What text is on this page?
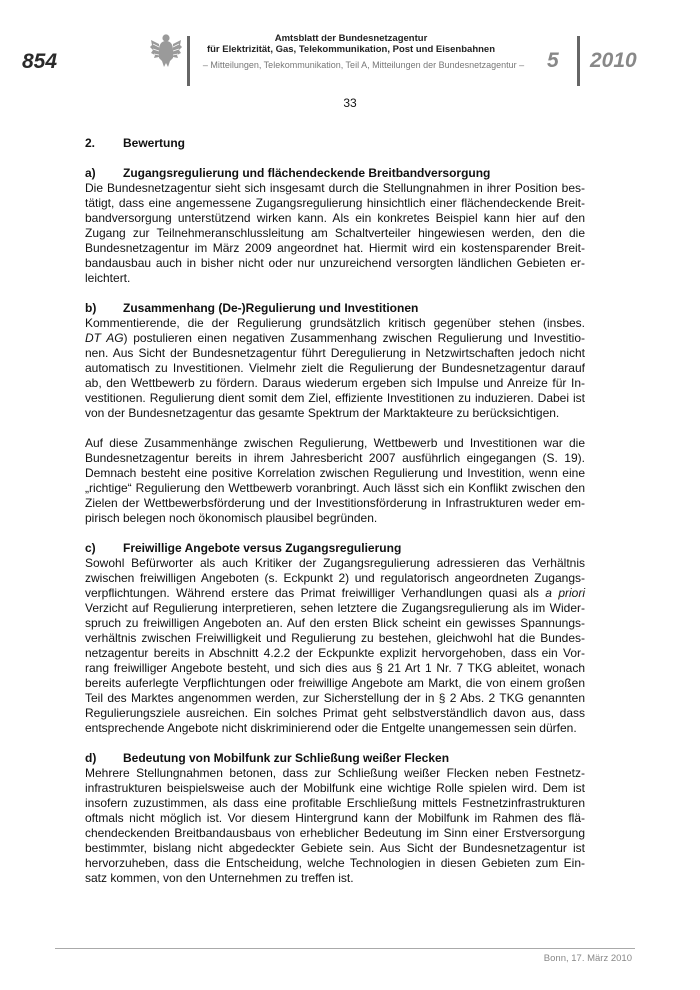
854
Amtsblatt der Bundesnetzagentur
für Elektrizität, Gas, Telekommunikation, Post und Eisenbahnen
– Mitteilungen, Telekommunikation, Teil A, Mitteilungen der Bundesnetzagentur –	5 2010
33
2. Bewertung
a) Zugangsregulierung und flächendeckende Breitbandversorgung
Die Bundesnetzagentur sieht sich insgesamt durch die Stellungnahmen in ihrer Position bes-
tätigt, dass eine angemessene Zugangsregulierung hinsichtlich einer flächendeckende Breit-
bandversorgung unterstützend wirken kann. Als ein konkretes Beispiel kann hier auf den
Zugang zur Teilnehmeranschlussleitung am Schaltverteiler hingewiesen werden, den die
Bundesnetzagentur im März 2009 angeordnet hat. Hiermit wird ein kostensparender Breit-
bandausbau auch in bisher nicht oder nur unzureichend versorgten ländlichen Gebieten er-
leichtert.
b) Zusammenhang (De-)Regulierung und Investitionen
Kommentierende, die der Regulierung grundsätzlich kritisch gegenüber stehen (insbes.
DT AG) postulieren einen negativen Zusammenhang zwischen Regulierung und Investitio-
nen. Aus Sicht der Bundesnetzagentur führt Deregulierung in Netzwirtschaften jedoch nicht
automatisch zu Investitionen. Vielmehr zielt die Regulierung der Bundesnetzagentur darauf
ab, den Wettbewerb zu fördern. Daraus wiederum ergeben sich Impulse und Anreize für In-
vestitionen. Regulierung dient somit dem Ziel, effiziente Investitionen zu induzieren. Dabei ist
von der Bundesnetzagentur das gesamte Spektrum der Marktakteure zu berücksichtigen.
Auf diese Zusammenhänge zwischen Regulierung, Wettbewerb und Investitionen war die
Bundesnetzagentur bereits in ihrem Jahresbericht 2007 ausführlich eingegangen (S. 19).
Demnach besteht eine positive Korrelation zwischen Regulierung und Investition, wenn eine
„richtige“ Regulierung den Wettbewerb voranbringt. Auch lässt sich ein Konflikt zwischen den
Zielen der Wettbewerbsförderung und der Investitionsförderung in Infrastrukturen weder em-
pirisch belegen noch ökonomisch plausibel begründen.
c) Freiwillige Angebote versus Zugangsregulierung
Sowohl Befürworter als auch Kritiker der Zugangsregulierung adressieren das Verhältnis
zwischen freiwilligen Angeboten (s. Eckpunkt 2) und regulatorisch angeordneten Zugangs-
verpflichtungen. Während erstere das Primat freiwilliger Verhandlungen quasi als a priori
Verzicht auf Regulierung interpretieren, sehen letztere die Zugangsregulierung als im Wider-
spruch zu freiwilligen Angeboten an. Auf den ersten Blick scheint ein gewisses Spannungs-
verhältnis zwischen Freiwilligkeit und Regulierung zu bestehen, gleichwohl hat die Bundes-
netzagentur bereits in Abschnitt 4.2.2 der Eckpunkte explizit hervorgehoben, dass ein Vor-
rang freiwilliger Angebote besteht, und sich dies aus § 21 Art 1 Nr. 7 TKG ableitet, wonach
bereits auferlegte Verpflichtungen oder freiwillige Angebote am Markt, die von einem großen
Teil des Marktes angenommen werden, zur Sicherstellung der in § 2 Abs. 2 TKG genannten
Regulierungsziele ausreichen. Ein solches Primat geht selbstverständlich davon aus, dass
entsprechende Angebote nicht diskriminierend oder die Entgelte unangemessen sein dürfen.
d) Bedeutung von Mobilfunk zur Schließung weißer Flecken
Mehrere Stellungnahmen betonen, dass zur Schließung weißer Flecken neben Festnetz-
infrastrukturen beispielsweise auch der Mobilfunk eine wichtige Rolle spielen wird. Dem ist
insofern zuzustimmen, als dass eine profitable Erschließung mittels Festnetzinfrastrukturen
oftmals nicht möglich ist. Vor diesem Hintergrund kann der Mobilfunk im Rahmen des flä-
chendeckenden Breitbandausbaus von erheblicher Bedeutung im Sinn einer Erstversorgung
bestimmter, bislang nicht abgedeckter Gebiete sein. Aus Sicht der Bundesnetzagentur ist
hervorzuheben, dass die Entscheidung, welche Technologien in diesen Gebieten zum Ein-
satz kommen, von den Unternehmen zu treffen ist.
Bonn, 17. März 2010
